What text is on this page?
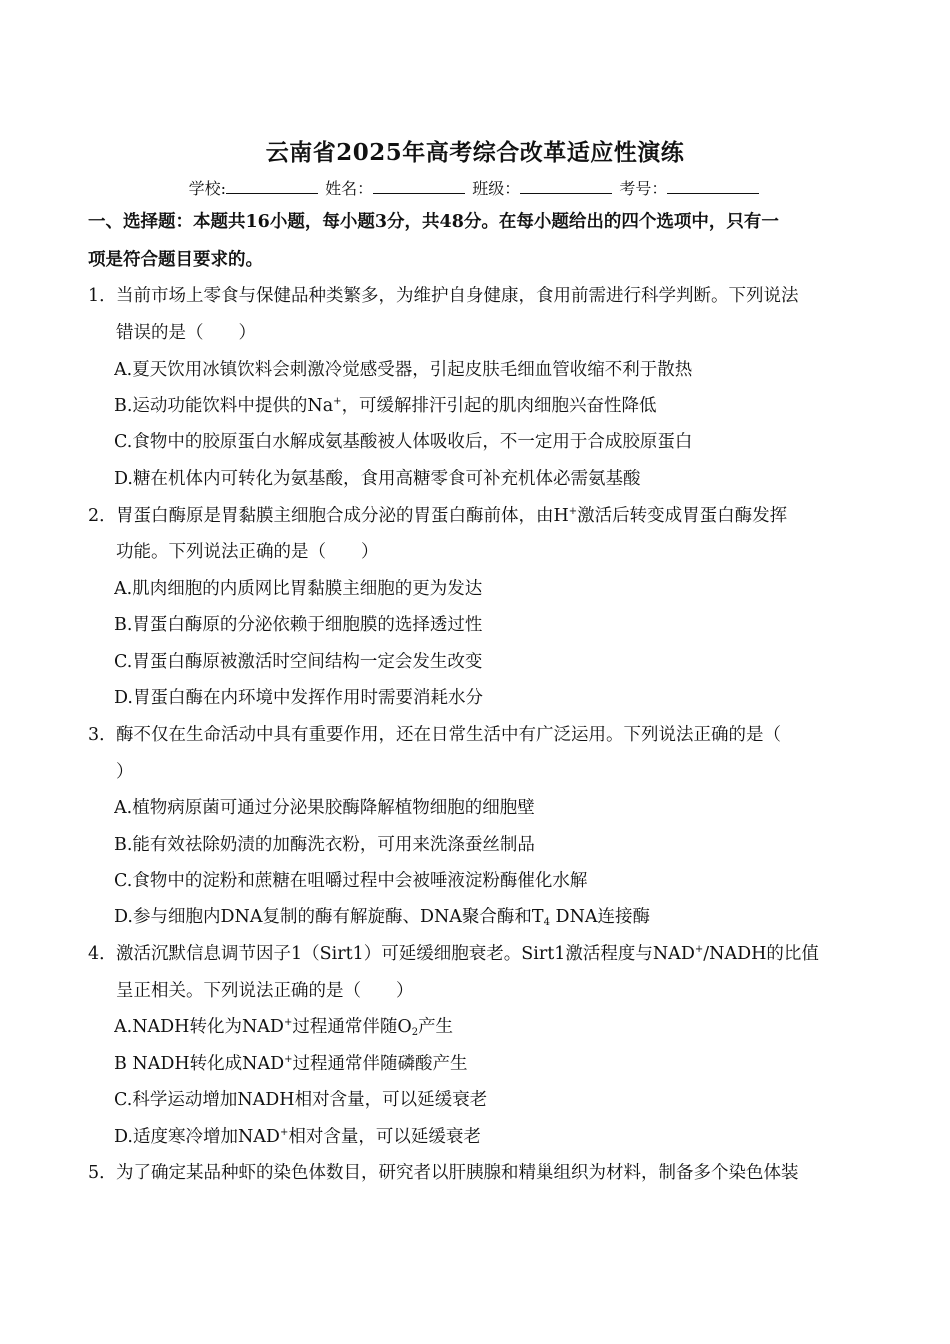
云南省2025年高考综合改革适应性演练
学校:	姓名：	班级：	考号：
一、选择题：本题共16小题，每小题3分，共48分。在每小题给出的四个选项中，只有一
项是符合题目要求的。
1．当前市场上零食与保健品种类繁多，为维护自身健康，食用前需进行科学判断。下列说法
错误的是（　　）
A.夏天饮用冰镇饮料会刺激冷觉感受器，引起皮肤毛细血管收缩不利于散热
B.运动功能饮料中提供的Na+，可缓解排汗引起的肌肉细胞兴奋性降低
C.食物中的胶原蛋白水解成氨基酸被人体吸收后，不一定用于合成胶原蛋白
D.糖在机体内可转化为氨基酸，食用高糖零食可补充机体必需氨基酸
2．胃蛋白酶原是胃黏膜主细胞合成分泌的胃蛋白酶前体，由H+激活后转变成胃蛋白酶发挥
功能。下列说法正确的是（　　）
A.肌肉细胞的内质网比胃黏膜主细胞的更为发达
B.胃蛋白酶原的分泌依赖于细胞膜的选择透过性
C.胃蛋白酶原被激活时空间结构一定会发生改变
D.胃蛋白酶在内环境中发挥作用时需要消耗水分
3．酶不仅在生命活动中具有重要作用，还在日常生活中有广泛运用。下列说法正确的是（
）
A.植物病原菌可通过分泌果胶酶降解植物细胞的细胞壁
B.能有效祛除奶渍的加酶洗衣粉，可用来洗涤蚕丝制品
C.食物中的淀粉和蔗糖在咀嚼过程中会被唾液淀粉酶催化水解
D.参与细胞内DNA复制的酶有解旋酶、DNA聚合酶和$T_4$ DNA连接酶
4．激活沉默信息调节因子1（Sirt1）可延缓细胞衰老。Sirt1激活程度与NAD+/NADH的比值
呈正相关。下列说法正确的是（　　）
A.NADH转化为NAD+过程通常伴随$O_2$产生
B NADH转化成NAD+过程通常伴随磷酸产生
C.科学运动增加NADH相对含量，可以延缓衰老
D.适度寒冷增加NAD+相对含量，可以延缓衰老
5．为了确定某品种虾的染色体数目，研究者以肝胰腺和精巢组织为材料，制备多个染色体装
